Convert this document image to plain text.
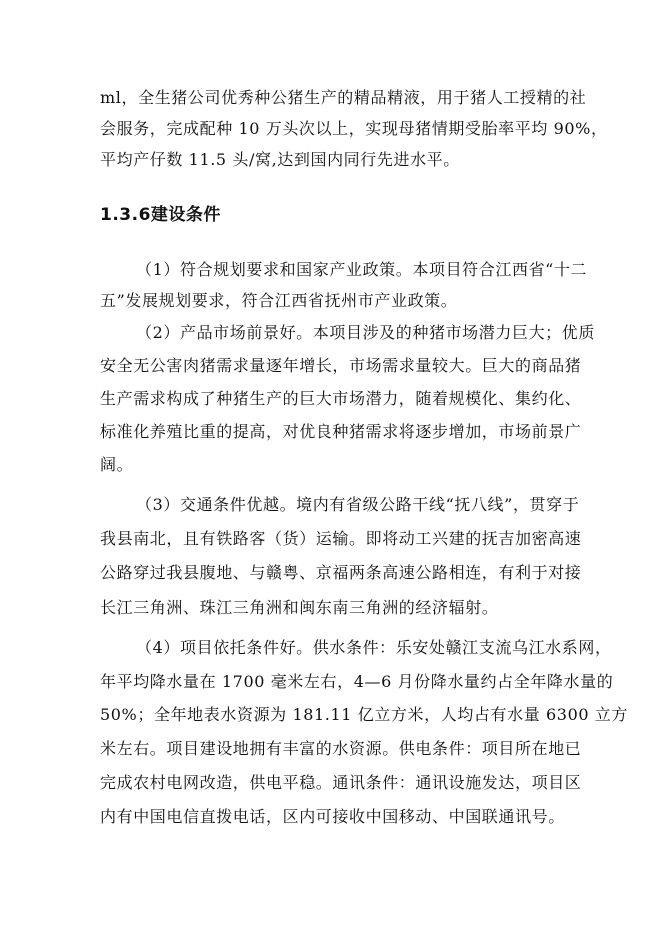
ml，全生猪公司优秀种公猪生产的精品精液，用于猪人工授精的社
会服务，完成配种 10 万头次以上，实现母猪情期受胎率平均 90%，
平均产仔数 11.5 头/窝,达到国内同行先进水平。
1.3.6建设条件
（1）符合规划要求和国家产业政策。本项目符合江西省“十二
五”发展规划要求，符合江西省抚州市产业政策。
（2）产品市场前景好。本项目涉及的种猪市场潜力巨大；优质
安全无公害肉猪需求量逐年增长，市场需求量较大。巨大的商品猪
生产需求构成了种猪生产的巨大市场潜力，随着规模化、集约化、
标准化养殖比重的提高，对优良种猪需求将逐步增加，市场前景广
阔。
（3）交通条件优越。境内有省级公路干线“抚八线”，贯穿于
我县南北，且有铁路客（货）运输。即将动工兴建的抚吉加密高速
公路穿过我县腹地、与赣粤、京福两条高速公路相连，有利于对接
长江三角洲、珠江三角洲和闽东南三角洲的经济辐射。
（4）项目依托条件好。供水条件：乐安处赣江支流乌江水系网，
年平均降水量在 1700 毫米左右，4—6 月份降水量约占全年降水量的
50%；全年地表水资源为 181.11 亿立方米，人均占有水量 6300 立方
米左右。项目建设地拥有丰富的水资源。供电条件：项目所在地已
完成农村电网改造，供电平稳。通讯条件：通讯设施发达，项目区
内有中国电信直拨电话，区内可接收中国移动、中国联通讯号。
